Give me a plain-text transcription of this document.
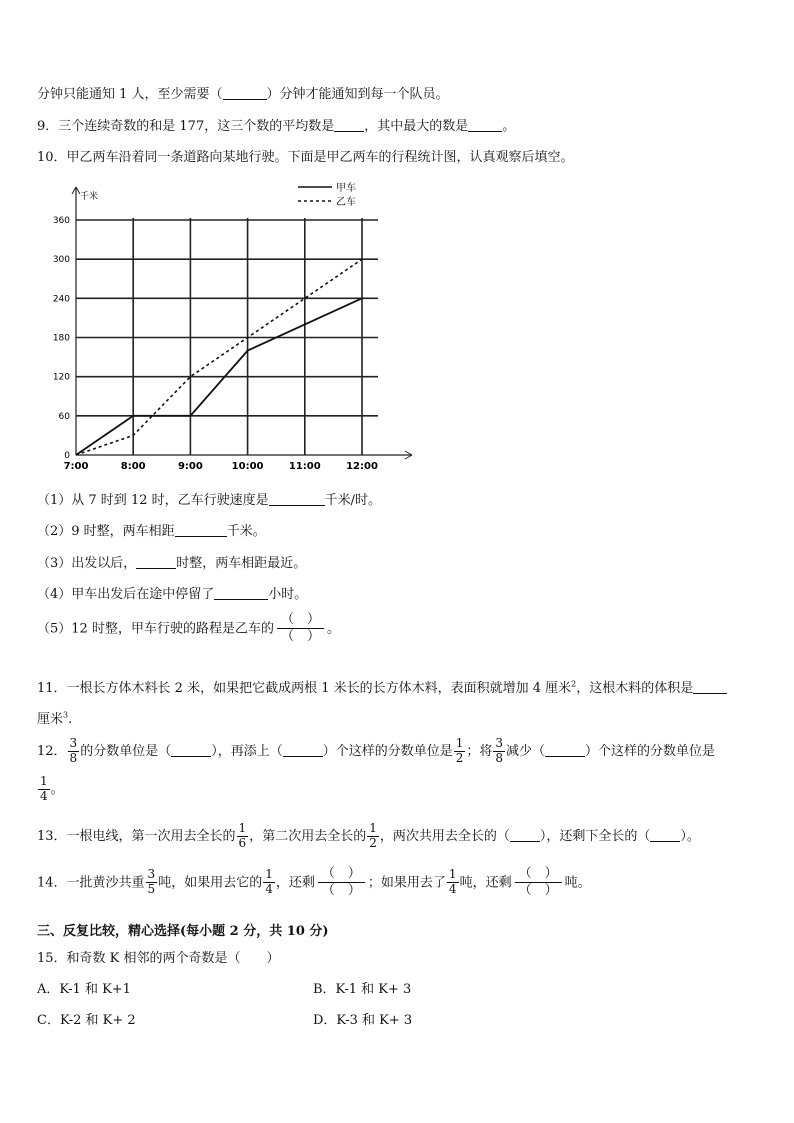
分钟只能通知 1 人，至少需要（	）分钟才能通知到每一个队员。
9．三个连续奇数的和是 177，这三个数的平均数是 ，其中最大的数是	。
10．甲乙两车沿着同一条道路向某地行驶。下面是甲乙两车的行程统计图，认真观察后填空。
0
60
120
180
240
300
360
7:00	8:00	9:00	10:00	11:00	12:00
甲车
乙车
千米
（1）从 7 时到 12 时，乙车行驶速度是	千米/时。
（2）9 时整，两车相距	千米。
（3）出发以后，	时整，两车相距最近。
（4）甲车出发后在途中停留了	小时。
（5）12 时整，甲车行驶的路程是乙车的
（　 ）
（　 ）
。
11．一根长方体木料长 2 米，如果把它截成两根 1 米长的长方体木料，表面积就增加 4 厘米$^2$，这根木料的体积是
厘米$^3$.
12． $\frac{3}{8}$ 的分数单位是（	），再添上（	）个这样的分数单位是 $\frac{1}{2}$ ；将 $\frac{3}{8}$ 减少（	）个这样的分数单位是
$\frac{1}{4}$ 。
13．一根电线，第一次用去全长的 $\frac{1}{6}$ ，第二次用去全长的 $\frac{1}{2}$ ，两次共用去全长的（ ），还剩下全长的（ ）。
14．一批黄沙共重 $\frac{3}{5}$ 吨，如果用去它的 $\frac{1}{4}$ ，还剩
（　 ）
（　 ）
；如果用去了 $\frac{1}{4}$ 吨，还剩
（　 ）
（　 ）
吨。
三、反复比较，精心选择(每小题 2 分，共 10 分)
15．和奇数 K 相邻的两个奇数是（　　）
A．K-1 和 K+1	B．K-1 和 K+ 3
C．K-2 和 K+ 2	D．K-3 和 K+ 3
